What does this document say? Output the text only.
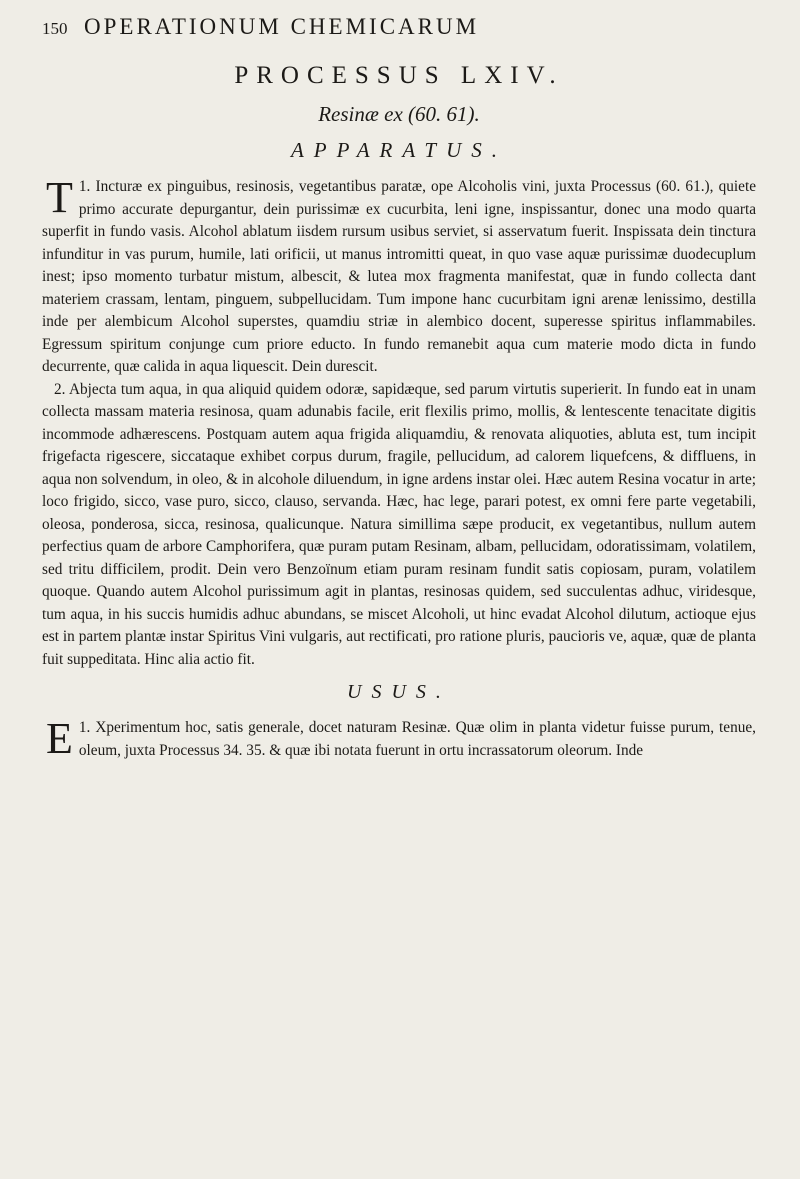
150 OPERATIONUM CHEMICARUM
PROCESSUS LXIV.
Resinæ ex (60. 61).
APPARATUS.

1.
T Incturæ ex pinguibus, resinosis, vegetantibus paratæ, ope Alcoholis vini, juxta Processus (60. 61.), quiete primo accurate depurgantur, dein purissimæ ex cucurbita, leni igne, inspissantur, donec una modo quarta superfit in fundo vasis. Alcohol ablatum iisdem rursum usibus serviet, si asservatum fuerit. Inspissata dein tinctura infunditur in vas purum, humile, lati orificii, ut manus intromitti queat, in quo vase aquæ purissimæ duodecuplum inest; ipso momento turbatur mistum, albescit, & lutea mox fragmenta manifestat, quæ in fundo collecta dant materiem crassam, lentam, pinguem, subpellucidam. Tum impone hanc cucurbitam igni arenæ lenissimo, destilla inde per alembicum Alcohol superstes, quamdiu striæ in alembico docent, superesse spiritus inflammabiles. Egressum spiritum conjunge cum priore educto. In fundo remanebit aqua cum materie modo dicta in fundo decurrente, quæ calida in aqua liquescit. Dein durescit.

2. Abjecta tum aqua, in qua aliquid quidem odoræ, sapidæque, sed parum virtutis superierit. In fundo eat in unam collecta massam materia resinosa, quam adunabis facile, erit flexilis primo, mollis, & lentescente tenacitate digitis incommode adhærescens. Postquam autem aqua frigida aliquamdiu, & renovata aliquoties, abluta est, tum incipit frigefacta rigescere, siccataque exhibet corpus durum, fragile, pellucidum, ad calorem liquefcens, & diffluens, in aqua non solvendum, in oleo, & in alcohole diluendum, in igne ardens instar olei. Hæc autem Resina vocatur in arte; loco frigido, sicco, vase puro, sicco, clauso, servanda. Hæc, hac lege, parari potest, ex omni fere parte vegetabili, oleosa, ponderosa, sicca, resinosa, qualicunque. Natura simillima sæpe producit, ex vegetantibus, nullum autem perfectius quam de arbore Camphorifera, quæ puram putam Resinam, albam, pellucidam, odoratissimam, volatilem, sed tritu difficilem, prodit. Dein vero Benzoïnum etiam puram resinam fundit satis copiosam, puram, volatilem quoque. Quando autem Alcohol purissimum agit in plantas, resinosas quidem, sed succulentas adhuc, viridesque, tum aqua, in his succis humidis adhuc abundans, se miscet Alcoholi, ut hinc evadat Alcohol dilutum, actioque ejus est in partem plantæ instar Spiritus Vini vulgaris, aut rectificati, pro ratione pluris, paucioris ve, aquæ, quæ de planta fuit suppeditata. Hinc alia actio fit.

USUS.

1.
E Xperimentum hoc, satis generale, docet naturam Resinæ. Quæ olim in planta videtur fuisse purum, tenue, oleum, juxta Processus 34. 35. & quæ ibi notata fuerunt in ortu incrassatorum oleorum. Inde
